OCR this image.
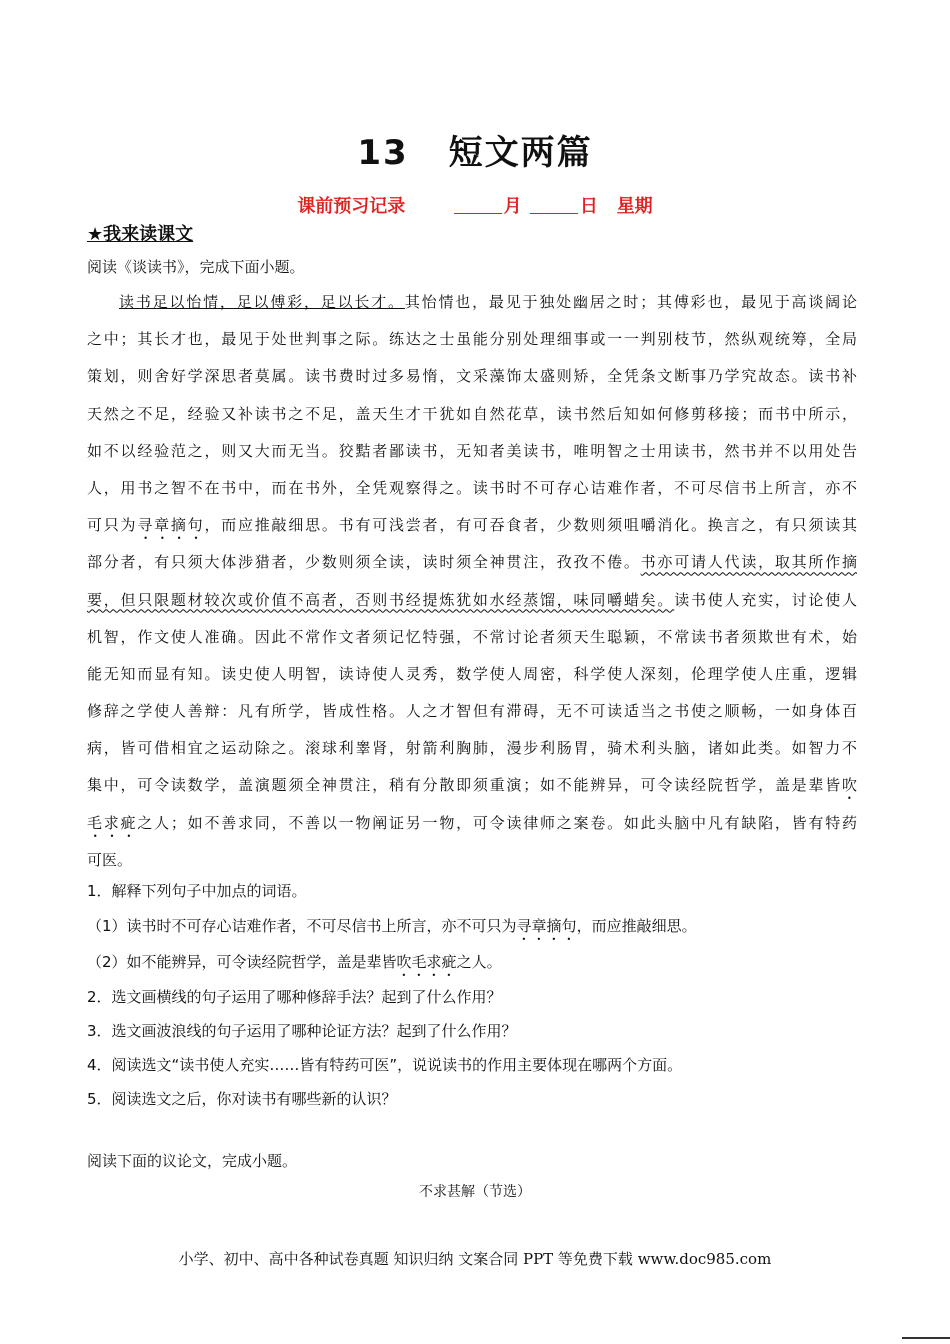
13 短文两篇
课前预习记录	月	日 星期
★我来读课文
阅读《谈读书》，完成下面小题。
读书足以怡情，足以傅彩，足以长才。其怡情也，最见于独处幽居之时；其傅彩也，最见于高谈阔论
之中；其长才也，最见于处世判事之际。练达之士虽能分别处理细事或一一判别枝节，然纵观统筹，全局
策划，则舍好学深思者莫属。读书费时过多易惰，文采藻饰太盛则矫，全凭条文断事乃学究故态。读书补
天然之不足，经验又补读书之不足，盖天生才干犹如自然花草，读书然后知如何修剪移接；而书中所示，
如不以经验范之，则又大而无当。狡黠者鄙读书，无知者美读书，唯明智之士用读书，然书并不以用处告
人，用书之智不在书中，而在书外，全凭观察得之。读书时不可存心诘难作者，不可尽信书上所言，亦不
可只为寻章摘句，而应推敲细思。书有可浅尝者，有可吞食者，少数则须咀嚼消化。换言之，有只须读其
部分者，有只须大体涉猎者，少数则须全读，读时须全神贯注，孜孜不倦。书亦可请人代读，取其所作摘
要，但只限题材较次或价值不高者，否则书经提炼犹如水经蒸馏，味同嚼蜡矣。读书使人充实，讨论使人
机智，作文使人准确。因此不常作文者须记忆特强，不常讨论者须天生聪颖，不常读书者须欺世有术，始
能无知而显有知。读史使人明智，读诗使人灵秀，数学使人周密，科学使人深刻，伦理学使人庄重，逻辑
修辞之学使人善辩：凡有所学，皆成性格。人之才智但有滞碍，无不可读适当之书使之顺畅，一如身体百
病，皆可借相宜之运动除之。滚球利睾肾，射箭利胸肺，漫步利肠胃，骑术利头脑，诸如此类。如智力不
集中，可令读数学，盖演题须全神贯注，稍有分散即须重演；如不能辨异，可令读经院哲学，盖是辈皆吹
毛求疵之人；如不善求同，不善以一物阐证另一物，可令读律师之案卷。如此头脑中凡有缺陷，皆有特药
可医。
1．解释下列句子中加点的词语。
（1）读书时不可存心诘难作者，不可尽信书上所言，亦不可只为寻章摘句，而应推敲细思。
（2）如不能辨异，可令读经院哲学，盖是辈皆吹毛求疵之人。
2．选文画横线的句子运用了哪种修辞手法？起到了什么作用？
3．选文画波浪线的句子运用了哪种论证方法？起到了什么作用？
4．阅读选文“读书使人充实……皆有特药可医”，说说读书的作用主要体现在哪两个方面。
5．阅读选文之后，你对读书有哪些新的认识？
阅读下面的议论文，完成小题。
不求甚解（节选）
小学、初中、高中各种试卷真题 知识归纳 文案合同 PPT 等免费下载 www.doc985.com
